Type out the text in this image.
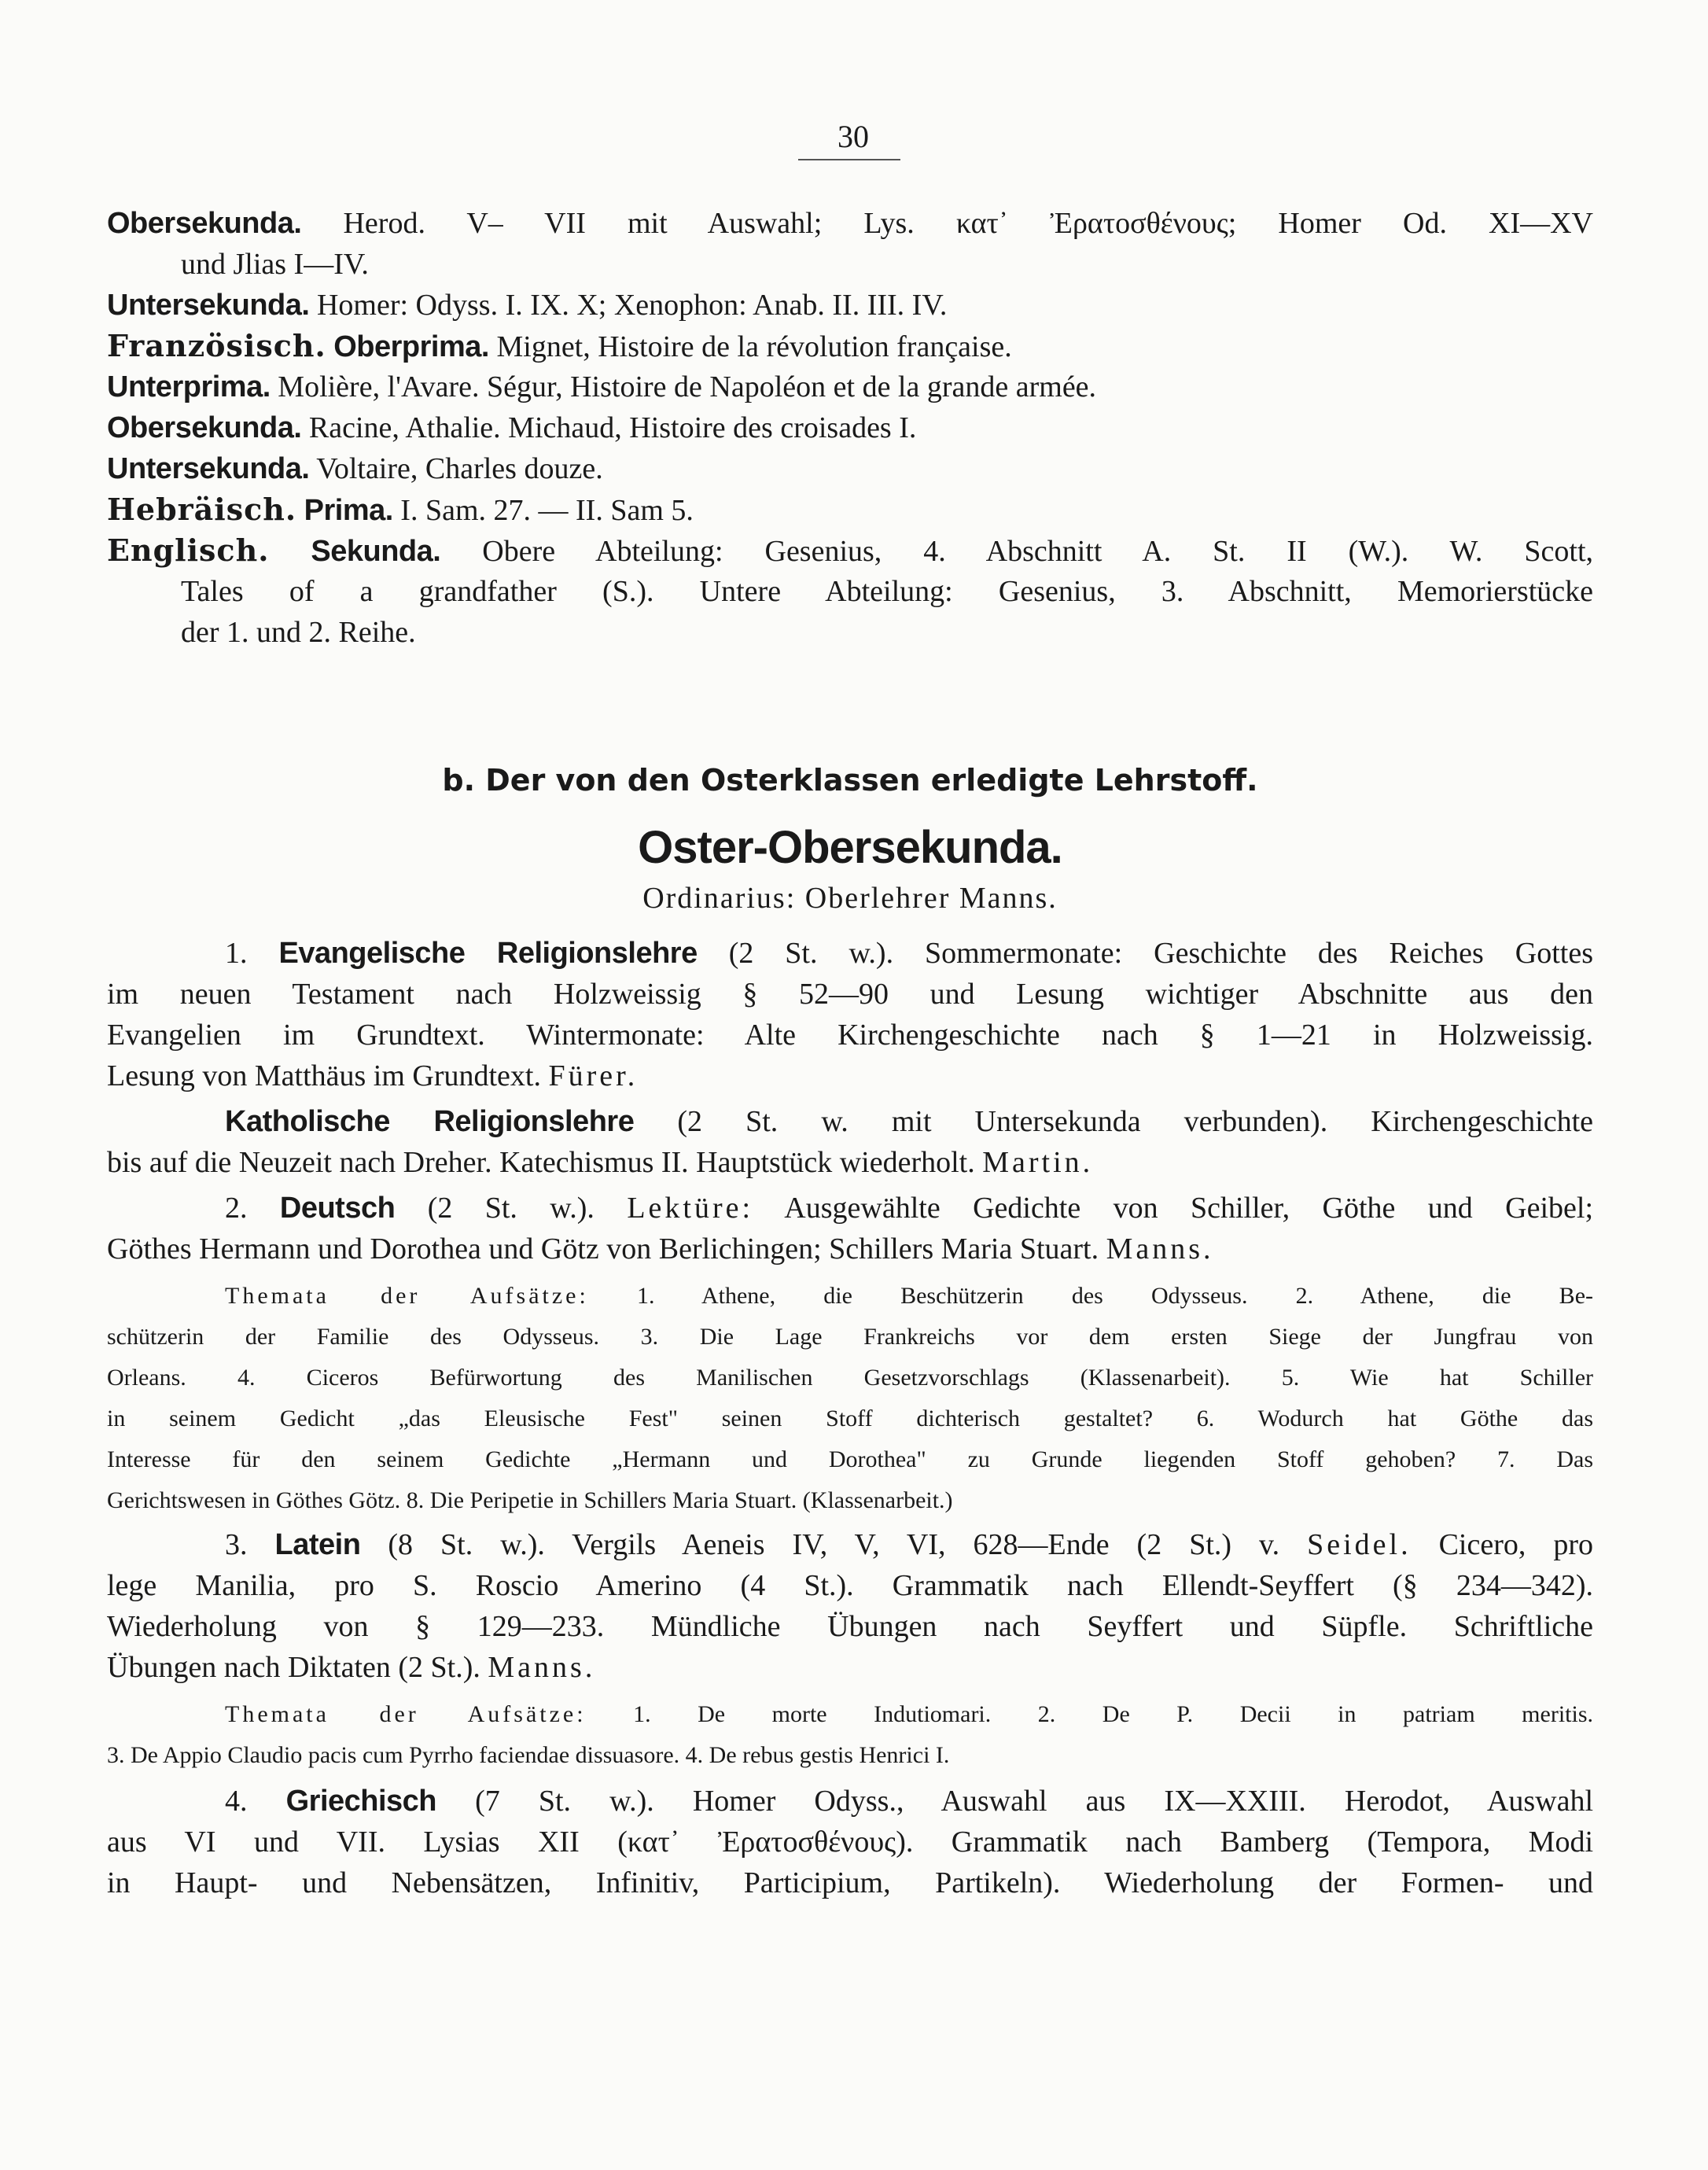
30
Obersekunda. Herod. V– VII mit Auswahl; Lys. κατ᾽ Ἐρατοσθένους; Homer Od. XI—XV
und Jlias I—IV.
Untersekunda. Homer: Odyss. I. IX. X; Xenophon: Anab. II. III. IV.
Französisch. Oberprima. Mignet, Histoire de la révolution française.
Unterprima. Molière, l'Avare. Ségur, Histoire de Napoléon et de la grande armée.
Obersekunda. Racine, Athalie. Michaud, Histoire des croisades I.
Untersekunda. Voltaire, Charles douze.
Hebräisch. Prima. I. Sam. 27. — II. Sam 5.
Englisch. Sekunda. Obere Abteilung: Gesenius, 4. Abschnitt A. St. II (W.). W. Scott,
Tales of a grandfather (S.). Untere Abteilung: Gesenius, 3. Abschnitt, Memorierstücke
der 1. und 2. Reihe.
b. Der von den Osterklassen erledigte Lehrstoff.
Oster-Obersekunda.
Ordinarius: Oberlehrer Manns.
1. Evangelische Religionslehre (2 St. w.). Sommermonate: Geschichte des Reiches Gottes
im neuen Testament nach Holzweissig § 52—90 und Lesung wichtiger Abschnitte aus den
Evangelien im Grundtext. Wintermonate: Alte Kirchengeschichte nach § 1—21 in Holzweissig.
Lesung von Matthäus im Grundtext. Fürer.
Katholische Religionslehre (2 St. w. mit Untersekunda verbunden). Kirchengeschichte
bis auf die Neuzeit nach Dreher. Katechismus II. Hauptstück wiederholt. Martin.
2. Deutsch (2 St. w.). Lektüre: Ausgewählte Gedichte von Schiller, Göthe und Geibel;
Göthes Hermann und Dorothea und Götz von Berlichingen; Schillers Maria Stuart. Manns.
Themata der Aufsätze: 1. Athene, die Beschützerin des Odysseus. 2. Athene, die Be-
schützerin der Familie des Odysseus. 3. Die Lage Frankreichs vor dem ersten Siege der Jungfrau von
Orleans. 4. Ciceros Befürwortung des Manilischen Gesetzvorschlags (Klassenarbeit). 5. Wie hat Schiller
in seinem Gedicht „das Eleusische Fest" seinen Stoff dichterisch gestaltet? 6. Wodurch hat Göthe das
Interesse für den seinem Gedichte „Hermann und Dorothea" zu Grunde liegenden Stoff gehoben? 7. Das
Gerichtswesen in Göthes Götz. 8. Die Peripetie in Schillers Maria Stuart. (Klassenarbeit.)
3. Latein (8 St. w.). Vergils Aeneis IV, V, VI, 628—Ende (2 St.) v. Seidel. Cicero, pro
lege Manilia, pro S. Roscio Amerino (4 St.). Grammatik nach Ellendt-Seyffert (§ 234—342).
Wiederholung von § 129—233. Mündliche Übungen nach Seyffert und Süpfle. Schriftliche
Übungen nach Diktaten (2 St.). Manns.
Themata der Aufsätze: 1. De morte Indutiomari. 2. De P. Decii in patriam meritis.
3. De Appio Claudio pacis cum Pyrrho faciendae dissuasore. 4. De rebus gestis Henrici I.
4. Griechisch (7 St. w.). Homer Odyss., Auswahl aus IX—XXIII. Herodot, Auswahl
aus VI und VII. Lysias XII (κατ᾽ Ἐρατοσθένους). Grammatik nach Bamberg (Tempora, Modi
in Haupt- und Nebensätzen, Infinitiv, Participium, Partikeln). Wiederholung der Formen- und
